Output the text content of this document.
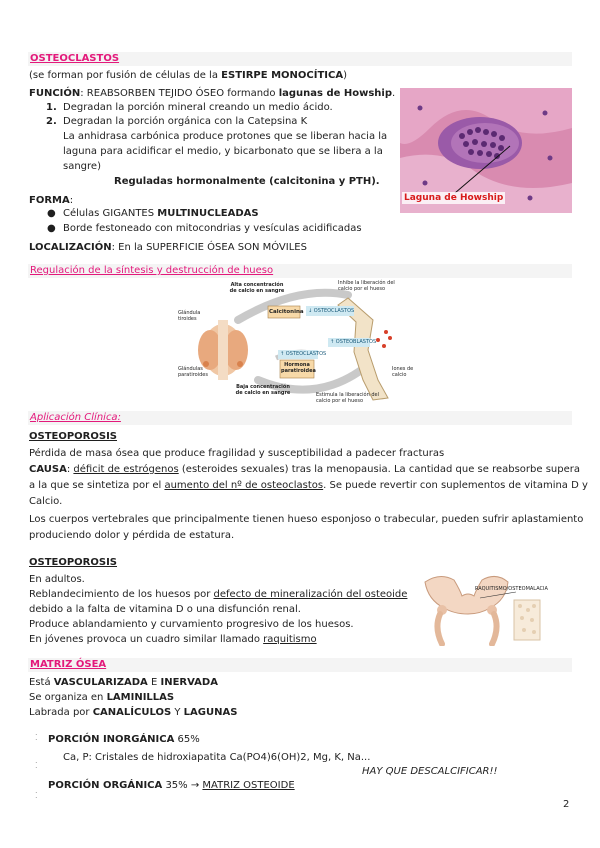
OSTEOCLASTOS
(se forman por fusión de células de la ESTIRPE MONOCÍTICA)
FUNCIÓN: REABSORBEN TEJIDO ÓSEO formando lagunas de Howship.
1. Degradan la porción mineral creando un medio ácido.
2. Degradan la porción orgánica con la Catepsina K
La anhidrasa carbónica produce protones que se liberan hacia la
laguna para acidificar el medio, y bicarbonato que se libera a la
sangre)
Reguladas hormonalmente (calcitonina y PTH).
FORMA:
● Células GIGANTES MULTINUCLEADAS
● Borde festoneado con mitocondrias y vesículas acidificadas
LOCALIZACIÓN: En la SUPERFICIE ÓSEA SON MÓVILES
Laguna de Howship
Regulación de la síntesis y destrucción de hueso
Alta concentración de calcio en sangre
Glándula tiroides
Glándulas paratiroides
Baja concentración de calcio en sangre
Calcitonina ↓ OSTEOCLASTOS
Hormona paratiroidea
↑ OSTEOCLASTOS
↑ OSTEOBLASTOS
Inhibe la liberación del calcio por el hueso
Estimula la liberación del calcio por el hueso
Iones de calcio
Aplicación Clínica:
OSTEOPOROSIS
Pérdida de masa ósea que produce fragilidad y susceptibilidad a padecer fracturas
CAUSA: déficit de estrógenos (esteroides sexuales) tras la menopausia. La cantidad que se reabsorbe supera
a la que se sintetiza por el aumento del nº de osteoclastos. Se puede revertir con suplementos de vitamina D y
Calcio.
Los cuerpos vertebrales que principalmente tienen hueso esponjoso o trabecular, pueden sufrir aplastamiento
produciendo dolor y pérdida de estatura.
OSTEOPOROSIS
En adultos.
Reblandecimiento de los huesos por defecto de mineralización del osteoide
debido a la falta de vitamina D o una disfunción renal.
Produce ablandamiento y curvamiento progresivo de los huesos.
En jóvenes provoca un cuadro similar llamado raquitismo
RAQUITISMO/OSTEOMALACIA
MATRIZ ÓSEA
Está VASCULARIZADA E INERVADA
Se organiza en LAMINILLAS
Labrada por CANALÍCULOS Y LAGUNAS
⁚ PORCIÓN INORGÁNICA 65%
Ca, P: Cristales de hidroxiapatita Ca(PO4)6(OH)2, Mg, K, Na...
⁚
HAY QUE DESCALCIFICAR!!
PORCIÓN ORGÁNICA 35% → MATRIZ OSTEOIDE
⁚
2
